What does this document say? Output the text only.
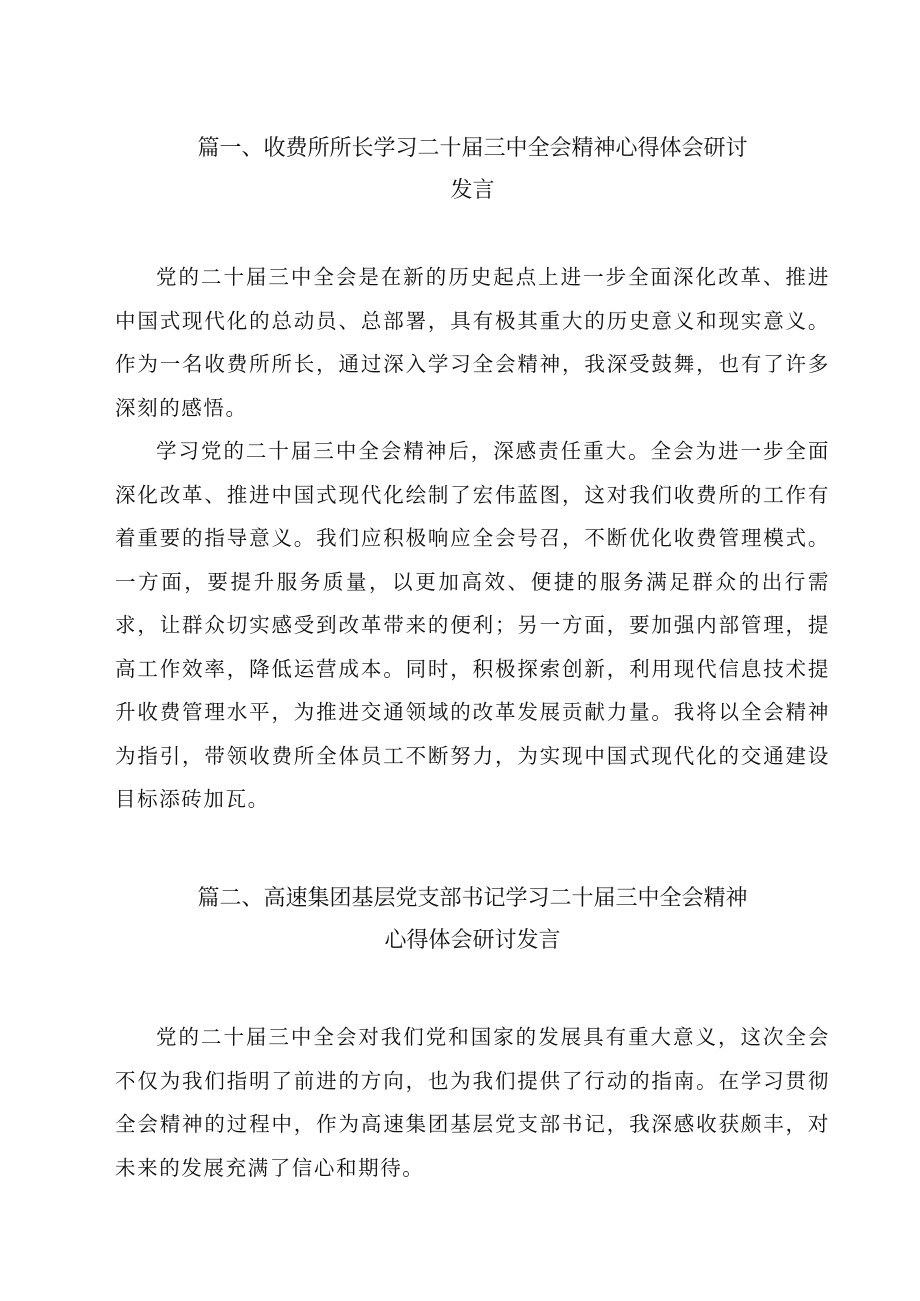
篇一、收费所所长学习二十届三中全会精神心得体会研讨
发言

党的二十届三中全会是在新的历史起点上进一步全面深化改革、推进中国式现代化的总动员、总部署，具有极其重大的历史意义和现实意义。作为一名收费所所长，通过深入学习全会精神，我深受鼓舞，也有了许多深刻的感悟。

学习党的二十届三中全会精神后，深感责任重大。全会为进一步全面深化改革、推进中国式现代化绘制了宏伟蓝图，这对我们收费所的工作有着重要的指导意义。我们应积极响应全会号召，不断优化收费管理模式。一方面，要提升服务质量，以更加高效、便捷的服务满足群众的出行需求，让群众切实感受到改革带来的便利；另一方面，要加强内部管理，提高工作效率，降低运营成本。同时，积极探索创新，利用现代信息技术提升收费管理水平，为推进交通领域的改革发展贡献力量。我将以全会精神为指引，带领收费所全体员工不断努力，为实现中国式现代化的交通建设目标添砖加瓦。

篇二、高速集团基层党支部书记学习二十届三中全会精神
心得体会研讨发言

党的二十届三中全会对我们党和国家的发展具有重大意义，这次全会不仅为我们指明了前进的方向，也为我们提供了行动的指南。在学习贯彻全会精神的过程中，作为高速集团基层党支部书记，我深感收获颇丰，对未来的发展充满了信心和期待。
